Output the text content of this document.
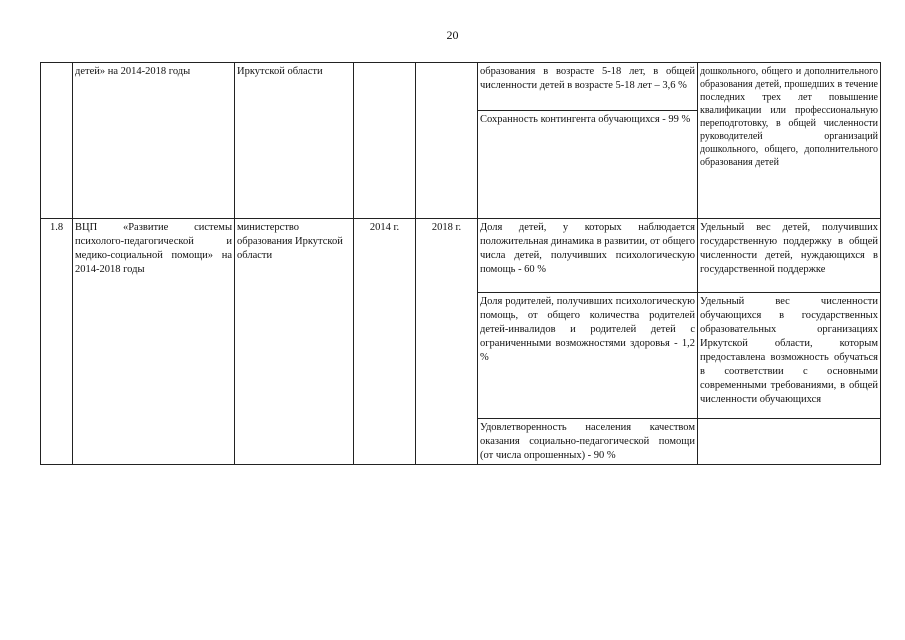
20
	детей» на 2014-2018 годы	Иркутской области			образования в возрасте 5-18 лет, в общей численности детей в возрасте 5-18 лет – 3,6 %	дошкольного, общего и дополнительного образования детей, прошедших в течение последних трех лет повышение квалификации или профессиональную переподготовку, в общей численности руководителей организаций дошкольного, общего, дополнительного образования детей
					Сохранность контингента обучающихся - 99 %	
1.8	ВЦП «Развитие системы психолого-педагогической и медико-социальной помощи» на 2014-2018 годы	министерство образования Иркутской области	2014 г.	2018 г.	Доля детей, у которых наблюдается положительная динамика в развитии, от общего числа детей, получивших психологическую помощь - 60 %	Удельный вес детей, получивших государственную поддержку в общей численности детей, нуждающихся в государственной поддержке
					Доля родителей, получивших психологическую помощь, от общего количества родителей детей-инвалидов и родителей детей с ограниченными возможностями здоровья - 1,2 %	Удельный вес численности обучающихся в государственных образовательных организациях Иркутской области, которым предоставлена возможность обучаться в соответствии с основными современными требованиями, в общей численности обучающихся
					Удовлетворенность населения качеством оказания социально-педагогической помощи (от числа опрошенных) - 90 %	
